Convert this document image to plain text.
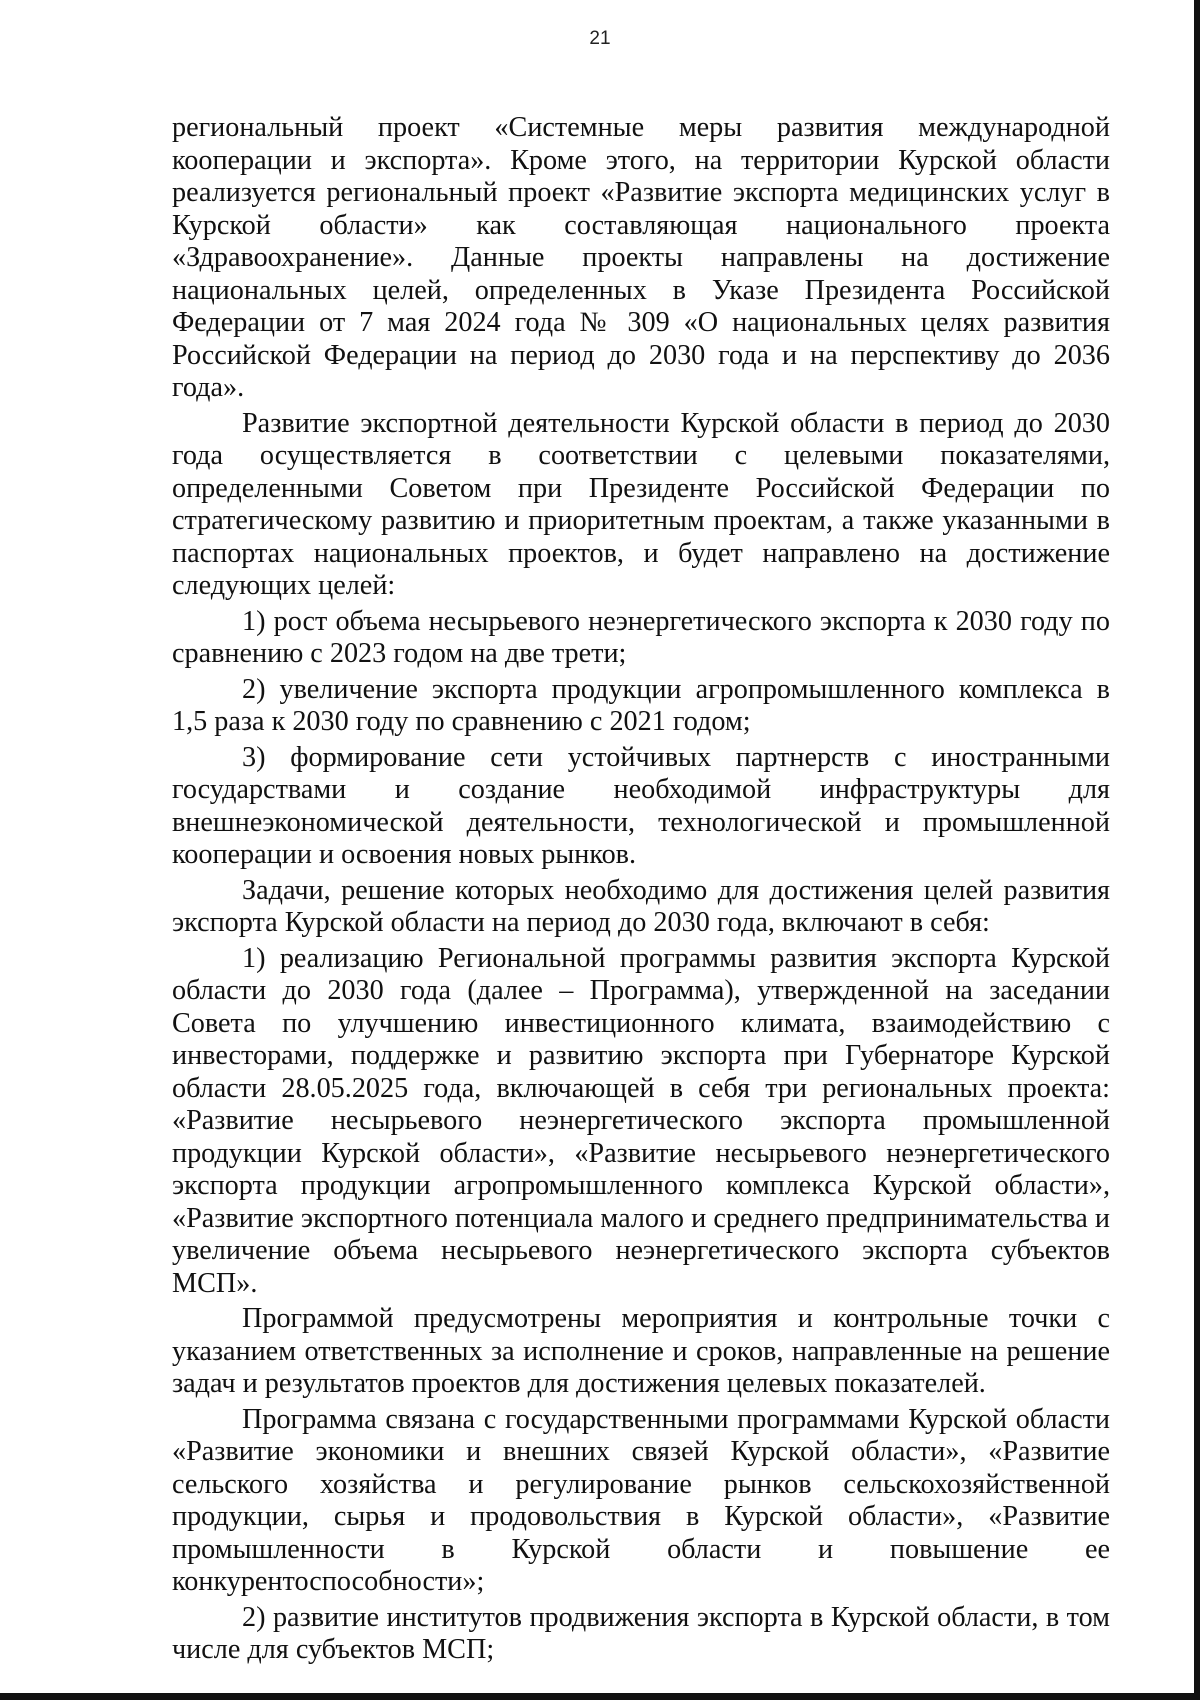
21

региональный проект «Системные меры развития международной кооперации и экспорта». Кроме этого, на территории Курской области реализуется региональный проект «Развитие экспорта медицинских услуг в Курской области» как составляющая национального проекта «Здравоохранение». Данные проекты направлены на достижение национальных целей, определенных в Указе Президента Российской Федерации от 7 мая 2024 года № 309 «О национальных целях развития Российской Федерации на период до 2030 года и на перспективу до 2036 года».

Развитие экспортной деятельности Курской области в период до 2030 года осуществляется в соответствии с целевыми показателями, определенными Советом при Президенте Российской Федерации по стратегическому развитию и приоритетным проектам, а также указанными в паспортах национальных проектов, и будет направлено на достижение следующих целей:

1) рост объема несырьевого неэнергетического экспорта к 2030 году по сравнению с 2023 годом на две трети;

2) увеличение экспорта продукции агропромышленного комплекса в 1,5 раза к 2030 году по сравнению с 2021 годом;

3) формирование сети устойчивых партнерств с иностранными государствами и создание необходимой инфраструктуры для внешнеэкономической деятельности, технологической и промышленной кооперации и освоения новых рынков.

Задачи, решение которых необходимо для достижения целей развития экспорта Курской области на период до 2030 года, включают в себя:

1) реализацию Региональной программы развития экспорта Курской области до 2030 года (далее – Программа), утвержденной на заседании Совета по улучшению инвестиционного климата, взаимодействию с инвесторами, поддержке и развитию экспорта при Губернаторе Курской области 28.05.2025 года, включающей в себя три региональных проекта: «Развитие несырьевого неэнергетического экспорта промышленной продукции Курской области», «Развитие несырьевого неэнергетического экспорта продукции агропромышленного комплекса Курской области», «Развитие экспортного потенциала малого и среднего предпринимательства и увеличение объема несырьевого неэнергетического экспорта субъектов МСП».

Программой предусмотрены мероприятия и контрольные точки с указанием ответственных за исполнение и сроков, направленные на решение задач и результатов проектов для достижения целевых показателей.

Программа связана с государственными программами Курской области «Развитие экономики и внешних связей Курской области», «Развитие сельского хозяйства и регулирование рынков сельскохозяйственной продукции, сырья и продовольствия в Курской области», «Развитие промышленности в Курской области и повышение ее конкурентоспособности»;

2) развитие институтов продвижения экспорта в Курской области, в том числе для субъектов МСП;
